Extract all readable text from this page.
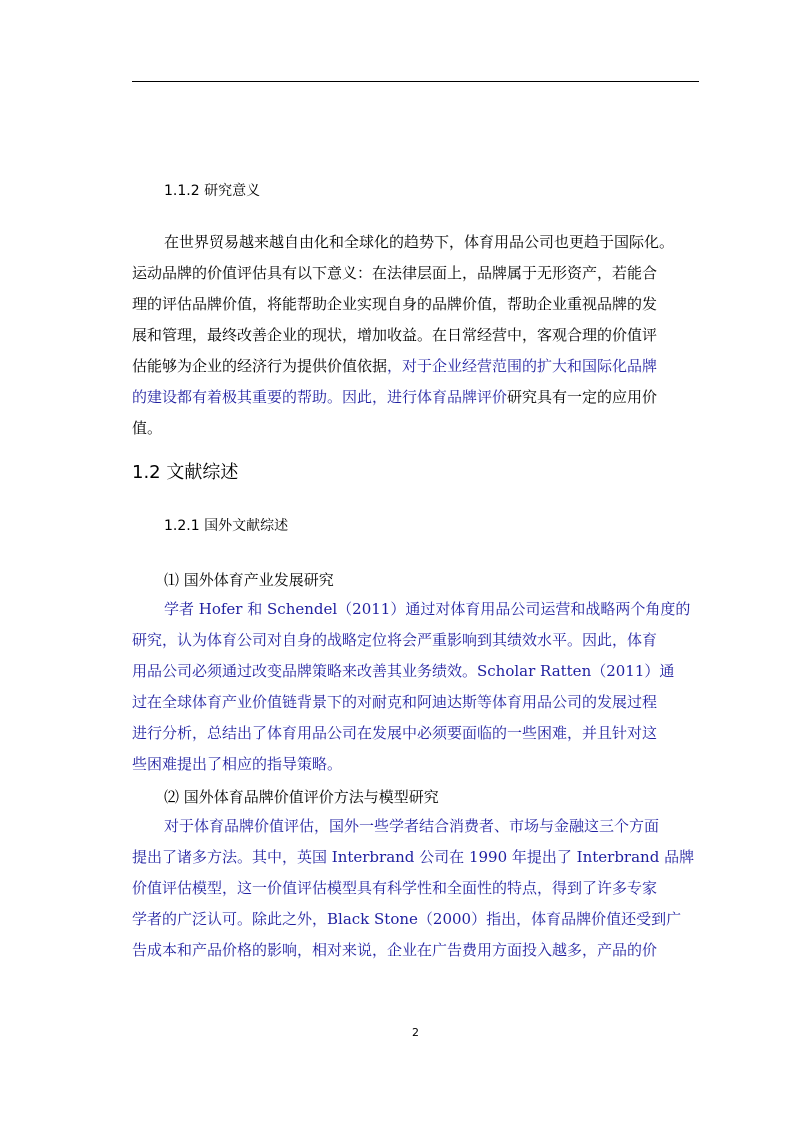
1.1.2 研究意义
在世界贸易越来越自由化和全球化的趋势下，体育用品公司也更趋于国际化。
运动品牌的价值评估具有以下意义：在法律层面上，品牌属于无形资产，若能合
理的评估品牌价值，将能帮助企业实现自身的品牌价值，帮助企业重视品牌的发
展和管理，最终改善企业的现状，增加收益。在日常经营中，客观合理的价值评
估能够为企业的经济行为提供价值依据，对于企业经营范围的扩大和国际化品牌
的建设都有着极其重要的帮助。因此，进行体育品牌评价研究具有一定的应用价
值。
1.2 文献综述
1.2.1 国外文献综述
⑴ 国外体育产业发展研究
学者 Hofer 和 Schendel（2011）通过对体育用品公司运营和战略两个角度的
研究，认为体育公司对自身的战略定位将会严重影响到其绩效水平。因此，体育
用品公司必须通过改变品牌策略来改善其业务绩效。Scholar Ratten（2011）通
过在全球体育产业价值链背景下的对耐克和阿迪达斯等体育用品公司的发展过程
进行分析，总结出了体育用品公司在发展中必须要面临的一些困难，并且针对这
些困难提出了相应的指导策略。
⑵ 国外体育品牌价值评价方法与模型研究
对于体育品牌价值评估，国外一些学者结合消费者、市场与金融这三个方面
提出了诸多方法。其中，英国 Interbrand 公司在 1990 年提出了 Interbrand 品牌
价值评估模型，这一价值评估模型具有科学性和全面性的特点，得到了许多专家
学者的广泛认可。除此之外，Black Stone（2000）指出，体育品牌价值还受到广
告成本和产品价格的影响，相对来说，企业在广告费用方面投入越多，产品的价
2
